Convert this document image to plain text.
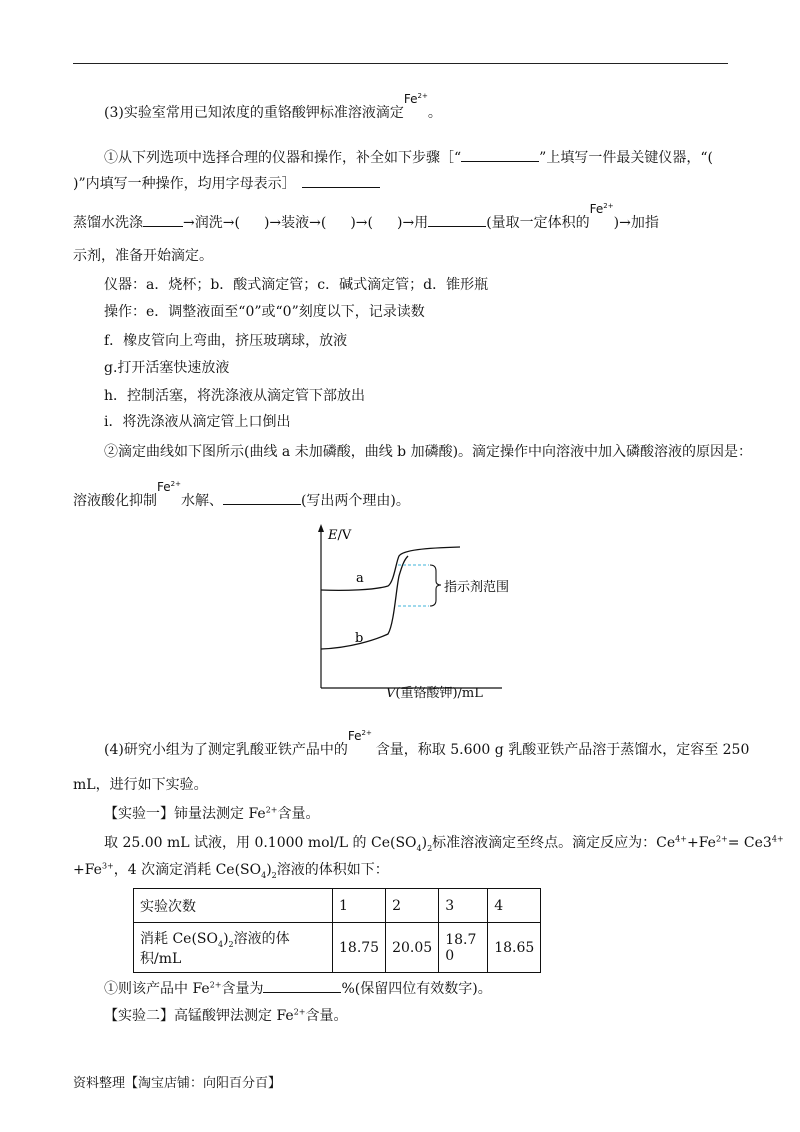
(3)实验室常用已知浓度的重铬酸钾标准溶液滴定$Fe^{2+}$。
①从下列选项中选择合理的仪器和操作，补全如下步骤［“	”上填写一件最关键仪器，“(
)”内填写一种操作，均用字母表示］
蒸馏水洗涤	→润洗→( )→装液→( )→( )→用	(量取一定体积的$Fe^{2+})\to$加指
示剂，准备开始滴定。
仪器：a．烧杯；b．酸式滴定管；c．碱式滴定管；d．锥形瓶
操作：e．调整液面至“0”或“0”刻度以下，记录读数
f．橡皮管向上弯曲，挤压玻璃球，放液
g.打开活塞快速放液
h．控制活塞，将洗涤液从滴定管下部放出
i．将洗涤液从滴定管上口倒出
②滴定曲线如下图所示(曲线 a 未加磷酸，曲线 b 加磷酸)。滴定操作中向溶液中加入磷酸溶液的原因是：
溶液酸化抑制$Fe^{2+}$水解、	(写出两个理由)。
E/V
a
b
指示剂范围
V(重铬酸钾)/mL
(4)研究小组为了测定乳酸亚铁产品中的$Fe^{2+}$含量，称取 5.600 g 乳酸亚铁产品溶于蒸馏水，定容至 250
mL，进行如下实验。
【实验一】铈量法测定 $Fe^{2+}$含量。
取 25.00 mL 试液，用 0.1000 mol/L 的 $Ce(SO_4)_2$标准溶液滴定至终点。滴定反应为：$Ce^{4+}+Fe^{2+}= Ce3^{4+}$
$+Fe^{3+}$，4 次滴定消耗 $Ce(SO_4)_2$溶液的体积如下：
实验次数	1	2	3	4
消耗 $Ce(SO_4)_2$溶液的体积/mL	18.75	20.05	18.70	18.65
①则该产品中 $Fe^{2+}$含量为	%(保留四位有效数字)。
【实验二】高锰酸钾法测定 $Fe^{2+}$含量。
资料整理【淘宝店铺：向阳百分百】
